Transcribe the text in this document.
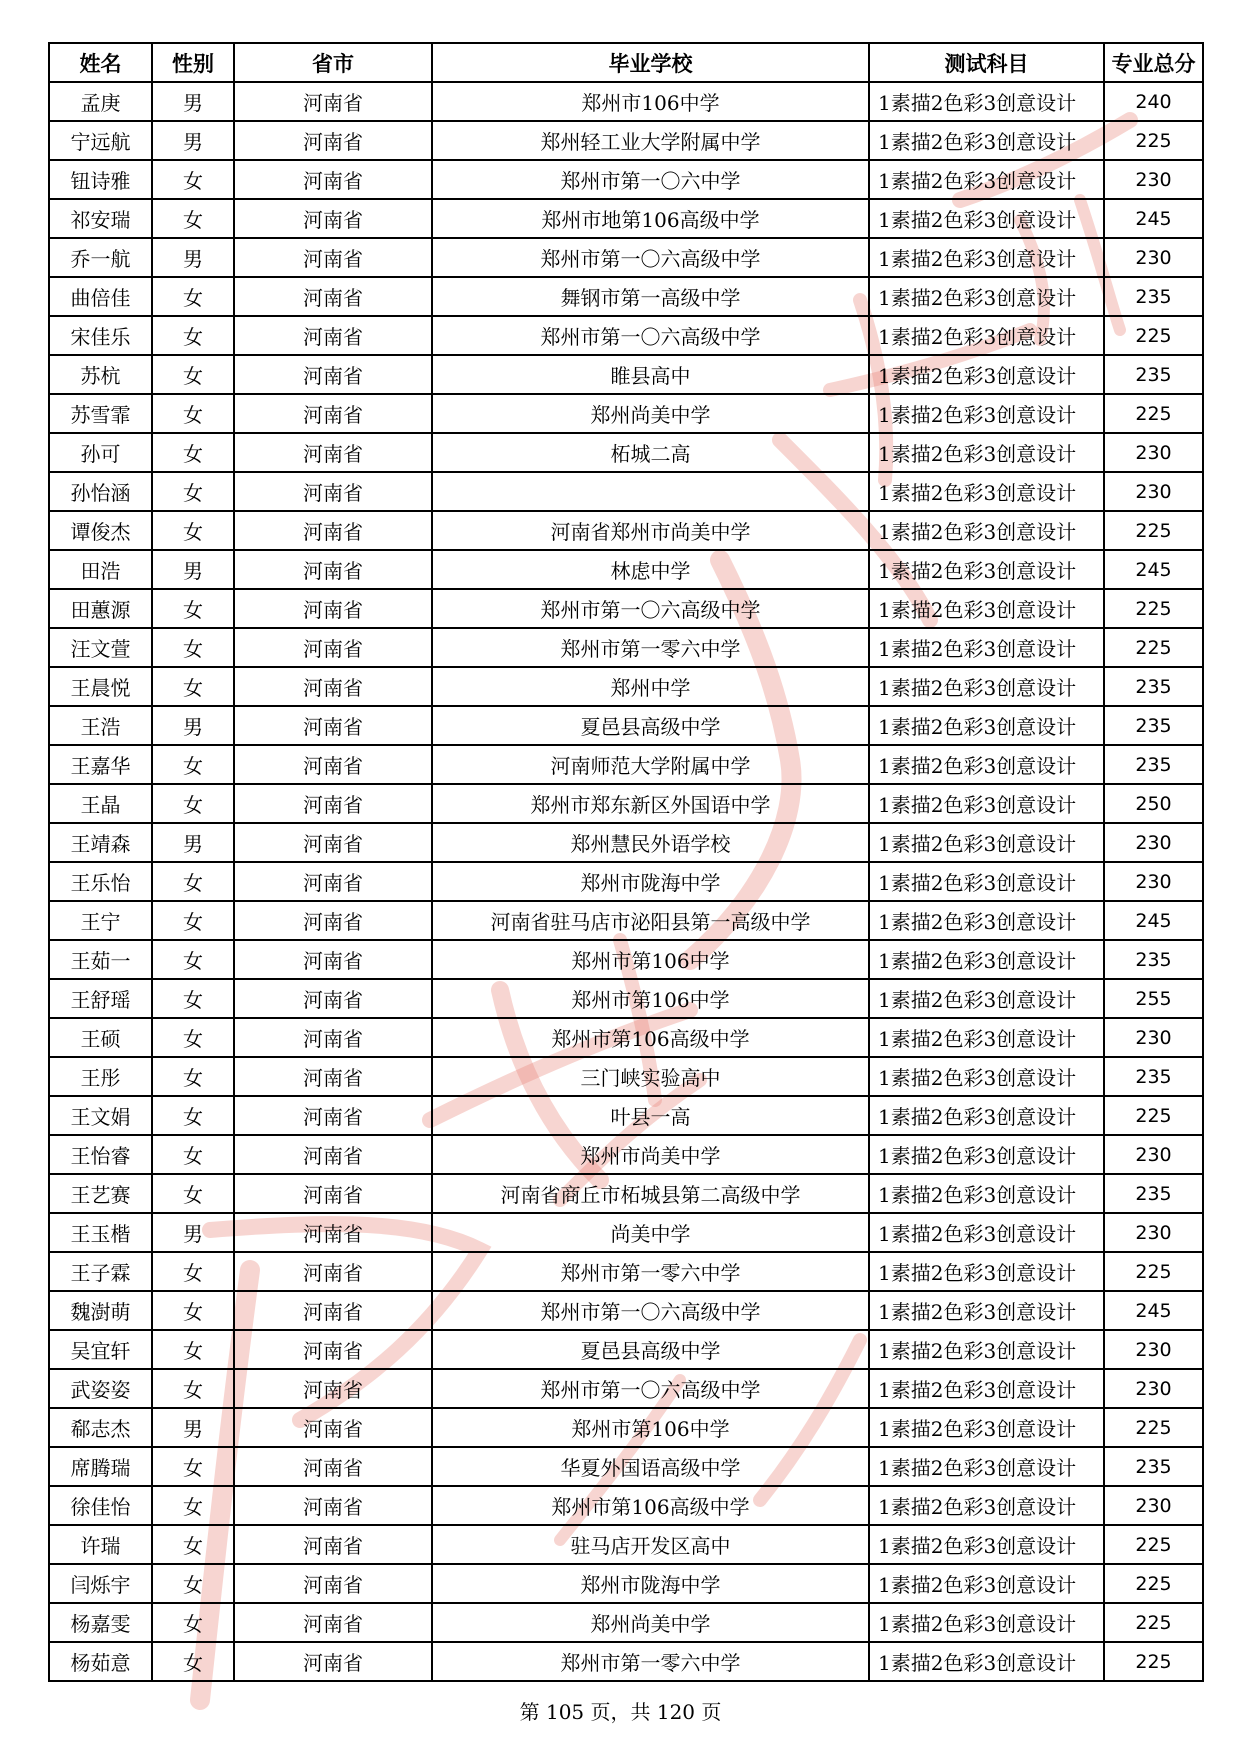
姓名	性别	省市	毕业学校	测试科目	专业总分
孟庚	男	河南省	郑州市106中学	1素描2色彩3创意设计	240
宁远航	男	河南省	郑州轻工业大学附属中学	1素描2色彩3创意设计	225
钮诗雅	女	河南省	郑州市第一〇六中学	1素描2色彩3创意设计	230
祁安瑞	女	河南省	郑州市地第106高级中学	1素描2色彩3创意设计	245
乔一航	男	河南省	郑州市第一〇六高级中学	1素描2色彩3创意设计	230
曲倍佳	女	河南省	舞钢市第一高级中学	1素描2色彩3创意设计	235
宋佳乐	女	河南省	郑州市第一〇六高级中学	1素描2色彩3创意设计	225
苏杭	女	河南省	睢县高中	1素描2色彩3创意设计	235
苏雪霏	女	河南省	郑州尚美中学	1素描2色彩3创意设计	225
孙可	女	河南省	柘城二高	1素描2色彩3创意设计	230
孙怡涵	女	河南省		1素描2色彩3创意设计	230
谭俊杰	女	河南省	河南省郑州市尚美中学	1素描2色彩3创意设计	225
田浩	男	河南省	林虑中学	1素描2色彩3创意设计	245
田蕙源	女	河南省	郑州市第一〇六高级中学	1素描2色彩3创意设计	225
汪文萱	女	河南省	郑州市第一零六中学	1素描2色彩3创意设计	225
王晨悦	女	河南省	郑州中学	1素描2色彩3创意设计	235
王浩	男	河南省	夏邑县高级中学	1素描2色彩3创意设计	235
王嘉华	女	河南省	河南师范大学附属中学	1素描2色彩3创意设计	235
王晶	女	河南省	郑州市郑东新区外国语中学	1素描2色彩3创意设计	250
王靖森	男	河南省	郑州慧民外语学校	1素描2色彩3创意设计	230
王乐怡	女	河南省	郑州市陇海中学	1素描2色彩3创意设计	230
王宁	女	河南省	河南省驻马店市泌阳县第一高级中学	1素描2色彩3创意设计	245
王茹一	女	河南省	郑州市第106中学	1素描2色彩3创意设计	235
王舒瑶	女	河南省	郑州市第106中学	1素描2色彩3创意设计	255
王硕	女	河南省	郑州市第106高级中学	1素描2色彩3创意设计	230
王彤	女	河南省	三门峡实验高中	1素描2色彩3创意设计	235
王文娟	女	河南省	叶县一高	1素描2色彩3创意设计	225
王怡睿	女	河南省	郑州市尚美中学	1素描2色彩3创意设计	230
王艺赛	女	河南省	河南省商丘市柘城县第二高级中学	1素描2色彩3创意设计	235
王玉楷	男	河南省	尚美中学	1素描2色彩3创意设计	230
王子霖	女	河南省	郑州市第一零六中学	1素描2色彩3创意设计	225
魏澍萌	女	河南省	郑州市第一〇六高级中学	1素描2色彩3创意设计	245
吴宜轩	女	河南省	夏邑县高级中学	1素描2色彩3创意设计	230
武姿姿	女	河南省	郑州市第一〇六高级中学	1素描2色彩3创意设计	230
郗志杰	男	河南省	郑州市第106中学	1素描2色彩3创意设计	225
席腾瑞	女	河南省	华夏外国语高级中学	1素描2色彩3创意设计	235
徐佳怡	女	河南省	郑州市第106高级中学	1素描2色彩3创意设计	230
许瑞	女	河南省	驻马店开发区高中	1素描2色彩3创意设计	225
闫烁宇	女	河南省	郑州市陇海中学	1素描2色彩3创意设计	225
杨嘉雯	女	河南省	郑州尚美中学	1素描2色彩3创意设计	225
杨茹意	女	河南省	郑州市第一零六中学	1素描2色彩3创意设计	225
第 105 页，共 120 页
